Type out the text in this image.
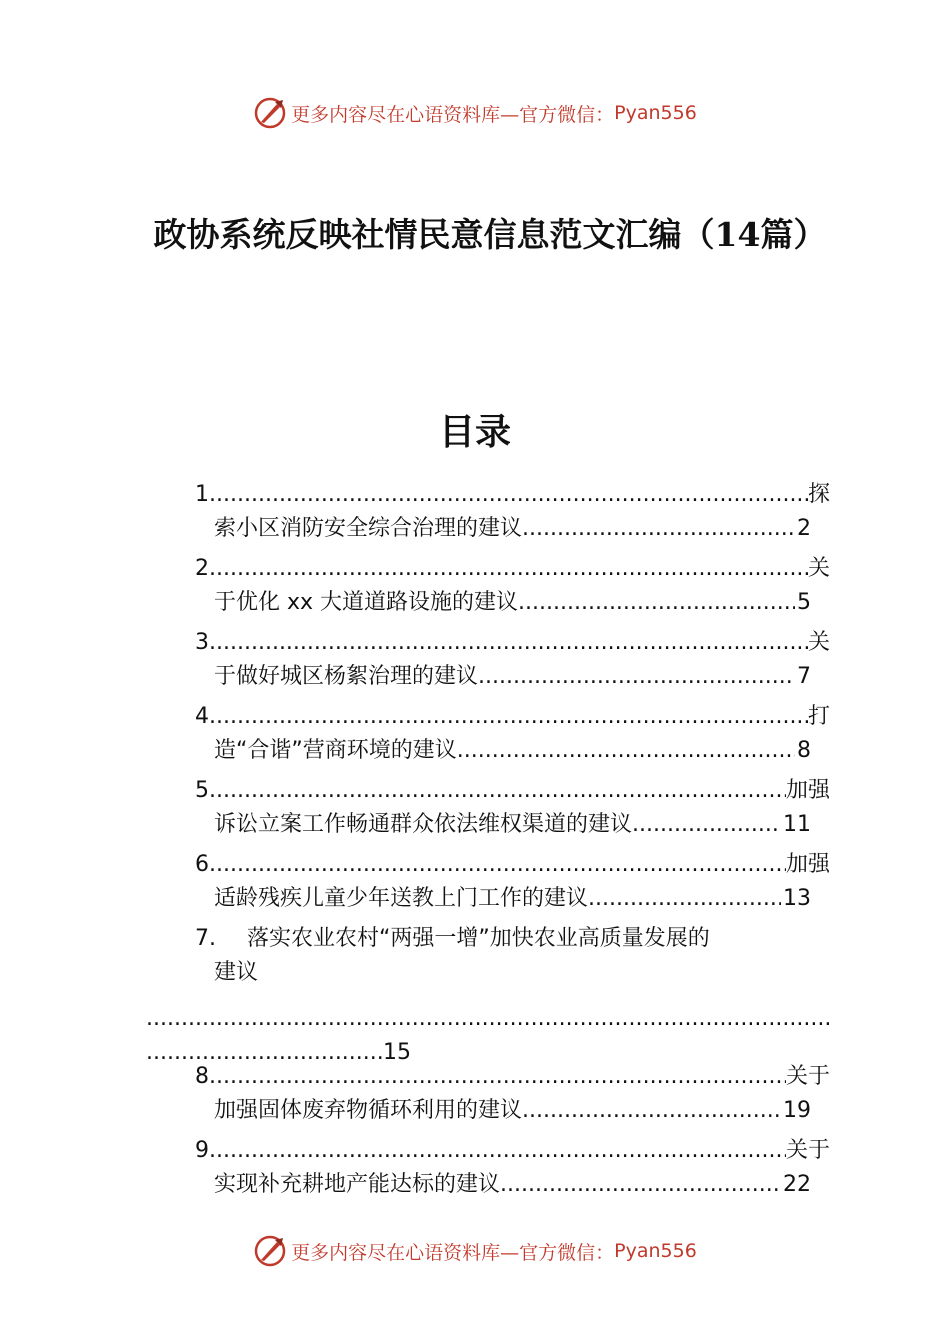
更多内容尽在心语资料库—官方微信： Pyan556
政协系统反映社情民意信息范文汇编（14篇）
目录
1. .....	探
索小区消防安全综合治理的建议 .....	2
2. .....	关
于优化 xx 大道道路设施的建议 .....	5
3. .....	关
于做好城区杨絮治理的建议 .....	7
4. .....	打
造“合谐”营商环境的建议 .....	8
5. .....	加强
诉讼立案工作畅通群众依法维权渠道的建议 .....	11
6. .....	加强
适龄残疾儿童少年送教上门工作的建议 .....	13
7. 落实农业农村“两强一增”加快农业高质量发展的
建议
.....
.....
15
8. .....	关于
加强固体废弃物循环利用的建议 .....	19
9. .....	关于
实现补充耕地产能达标的建议 .....	22
更多内容尽在心语资料库—官方微信： Pyan556
